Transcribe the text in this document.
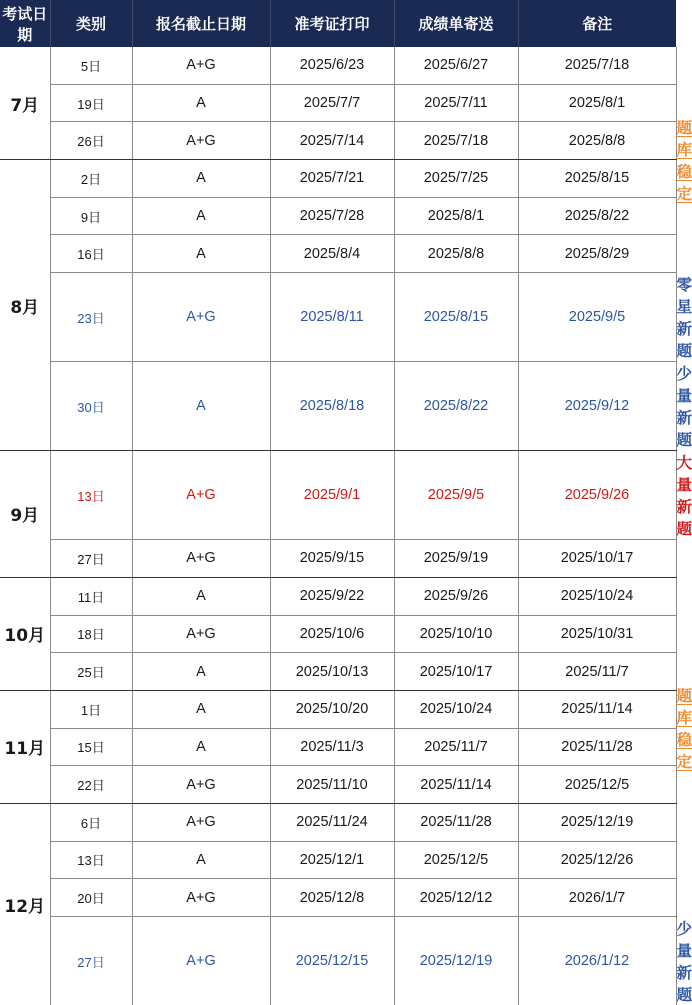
考试日期	类别	报名截止日期	准考证打印	成绩单寄送	备注	
7月	5日	A+G	2025/6/23	2025/6/27	2025/7/18	题库稳定
	19日	A	2025/7/7	2025/7/11	2025/8/1	
	26日	A+G	2025/7/14	2025/7/18	2025/8/8	
8月	2日	A	2025/7/21	2025/7/25	2025/8/15	
	9日	A	2025/7/28	2025/8/1	2025/8/22	
	16日	A	2025/8/4	2025/8/8	2025/8/29	
	23日	A+G	2025/8/11	2025/8/15	2025/9/5	零星新题
	30日	A	2025/8/18	2025/8/22	2025/9/12	少量新题
9月	13日	A+G	2025/9/1	2025/9/5	2025/9/26	大量新题
	27日	A+G	2025/9/15	2025/9/19	2025/10/17	题库稳定
10月	11日	A	2025/9/22	2025/9/26	2025/10/24	
	18日	A+G	2025/10/6	2025/10/10	2025/10/31	
	25日	A	2025/10/13	2025/10/17	2025/11/7	
11月	1日	A	2025/10/20	2025/10/24	2025/11/14	
	15日	A	2025/11/3	2025/11/7	2025/11/28	
	22日	A+G	2025/11/10	2025/11/14	2025/12/5	
12月	6日	A+G	2025/11/24	2025/11/28	2025/12/19	
	13日	A	2025/12/1	2025/12/5	2025/12/26	
	20日	A+G	2025/12/8	2025/12/12	2026/1/7	
	27日	A+G	2025/12/15	2025/12/19	2026/1/12	少量新题
